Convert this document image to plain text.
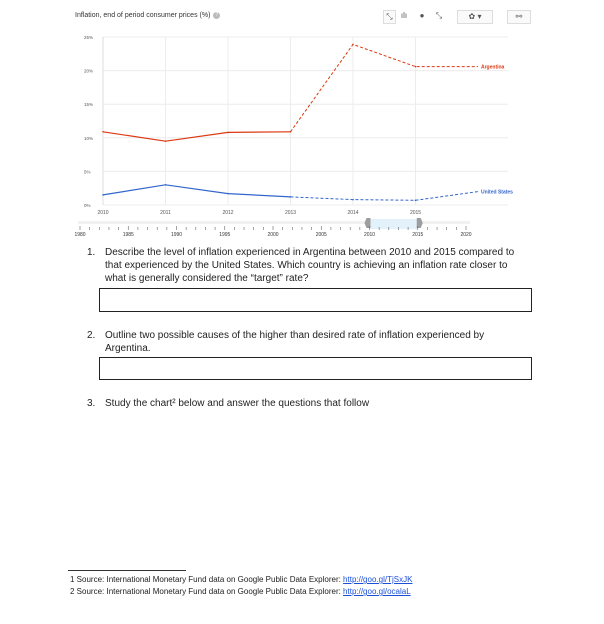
Inflation, end of period consumer prices (%) ?	⤡	ılı	●	⤡	✿ ▾	⚯
25%
20%
15%
10%
5%
0%
2010	2011	2012	2013	2014	2015
Argentina
United States
1980	1985	1990	1995	2000	2005	2010	2015	2020
1. Describe the level of inflation experienced in Argentina between 2010 and 2015 compared to that experienced by the United States. Which country is achieving an inflation rate closer to what is generally considered the “target” rate?
2. Outline two possible causes of the higher than desired rate of inflation experienced by Argentina.
3. Study the chart² below and answer the questions that follow
1 Source: International Monetary Fund data on Google Public Data Explorer: http://goo.gl/TjSxJK
2 Source: International Monetary Fund data on Google Public Data Explorer: http://goo.gl/ocalaL
